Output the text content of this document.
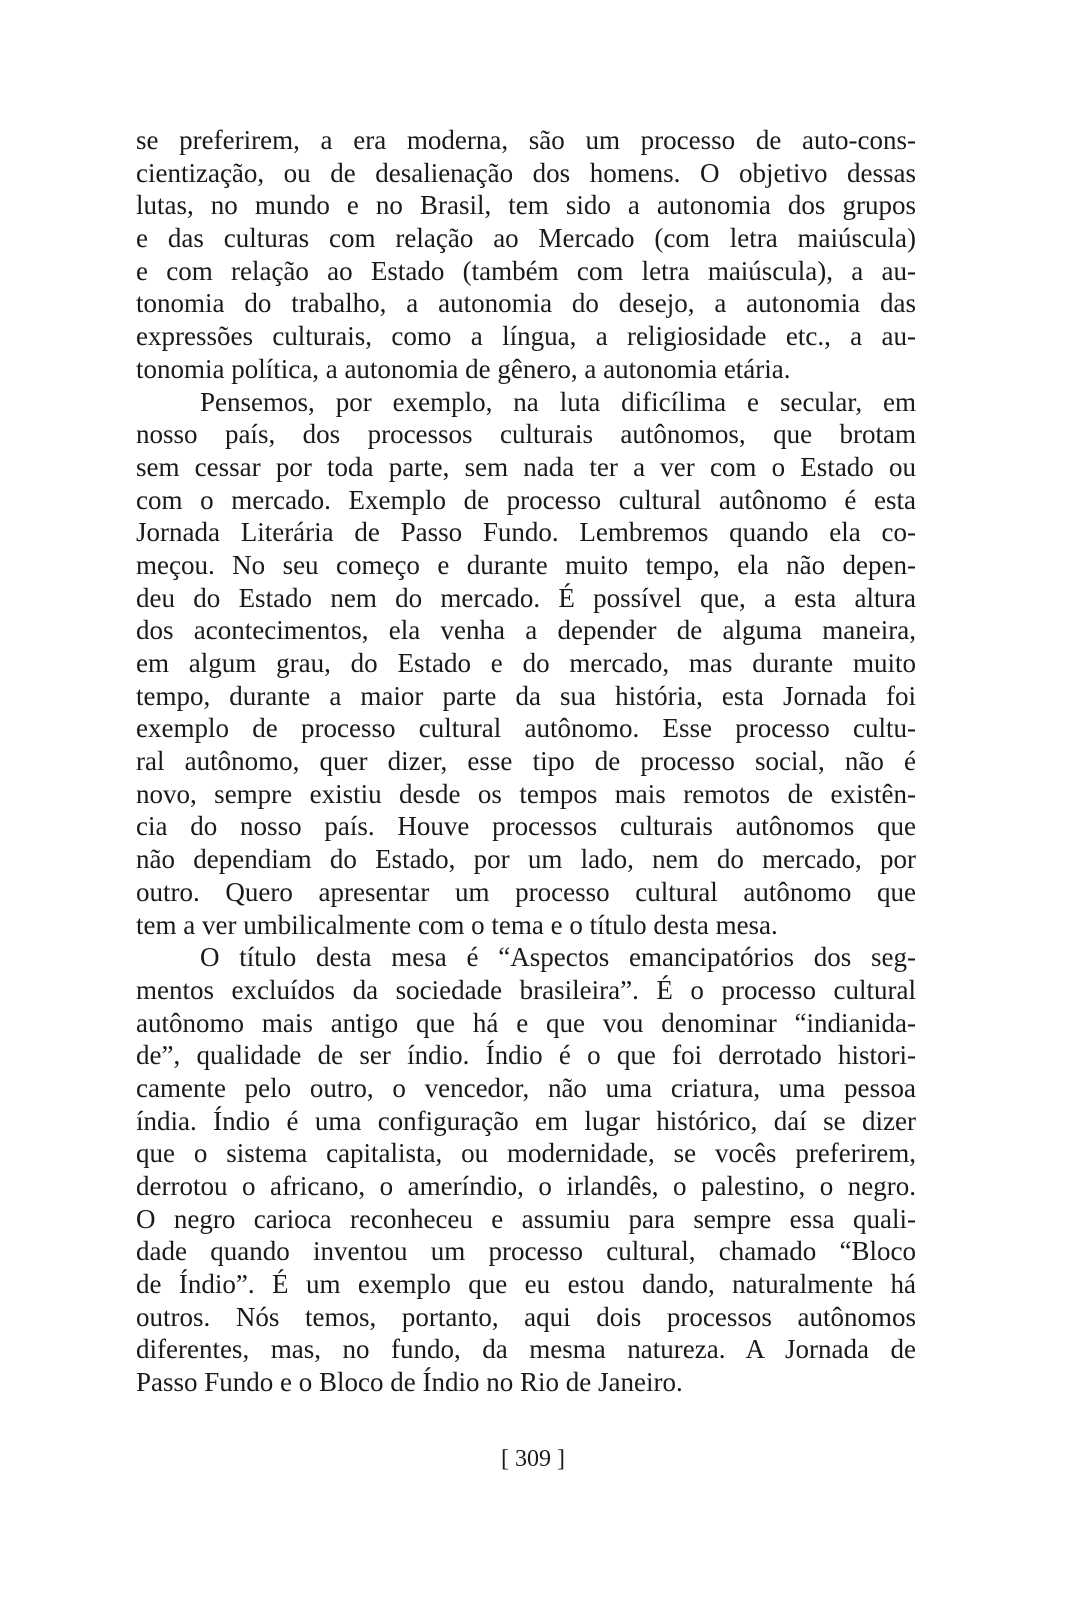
se preferirem, a era moderna, são um processo de auto-cons-
cientização, ou de desalienação dos homens. O objetivo dessas
lutas, no mundo e no Brasil, tem sido a autonomia dos grupos
e das culturas com relação ao Mercado (com letra maiúscula)
e com relação ao Estado (também com letra maiúscula), a au-
tonomia do trabalho, a autonomia do desejo, a autonomia das
expressões culturais, como a língua, a religiosidade etc., a au-
tonomia política, a autonomia de gênero, a autonomia etária.
Pensemos, por exemplo, na luta dificílima e secular, em
nosso país, dos processos culturais autônomos, que brotam
sem cessar por toda parte, sem nada ter a ver com o Estado ou
com o mercado. Exemplo de processo cultural autônomo é esta
Jornada Literária de Passo Fundo. Lembremos quando ela co-
meçou. No seu começo e durante muito tempo, ela não depen-
deu do Estado nem do mercado. É possível que, a esta altura
dos acontecimentos, ela venha a depender de alguma maneira,
em algum grau, do Estado e do mercado, mas durante muito
tempo, durante a maior parte da sua história, esta Jornada foi
exemplo de processo cultural autônomo. Esse processo cultu-
ral autônomo, quer dizer, esse tipo de processo social, não é
novo, sempre existiu desde os tempos mais remotos de existên-
cia do nosso país. Houve processos culturais autônomos que
não dependiam do Estado, por um lado, nem do mercado, por
outro. Quero apresentar um processo cultural autônomo que
tem a ver umbilicalmente com o tema e o título desta mesa.
O título desta mesa é “Aspectos emancipatórios dos seg-
mentos excluídos da sociedade brasileira”. É o processo cultural
autônomo mais antigo que há e que vou denominar “indianida-
de”, qualidade de ser índio. Índio é o que foi derrotado histori-
camente pelo outro, o vencedor, não uma criatura, uma pessoa
índia. Índio é uma configuração em lugar histórico, daí se dizer
que o sistema capitalista, ou modernidade, se vocês preferirem,
derrotou o africano, o ameríndio, o irlandês, o palestino, o negro.
O negro carioca reconheceu e assumiu para sempre essa quali-
dade quando inventou um processo cultural, chamado “Bloco
de Índio”. É um exemplo que eu estou dando, naturalmente há
outros. Nós temos, portanto, aqui dois processos autônomos
diferentes, mas, no fundo, da mesma natureza. A Jornada de
Passo Fundo e o Bloco de Índio no Rio de Janeiro.
[ 309 ]
